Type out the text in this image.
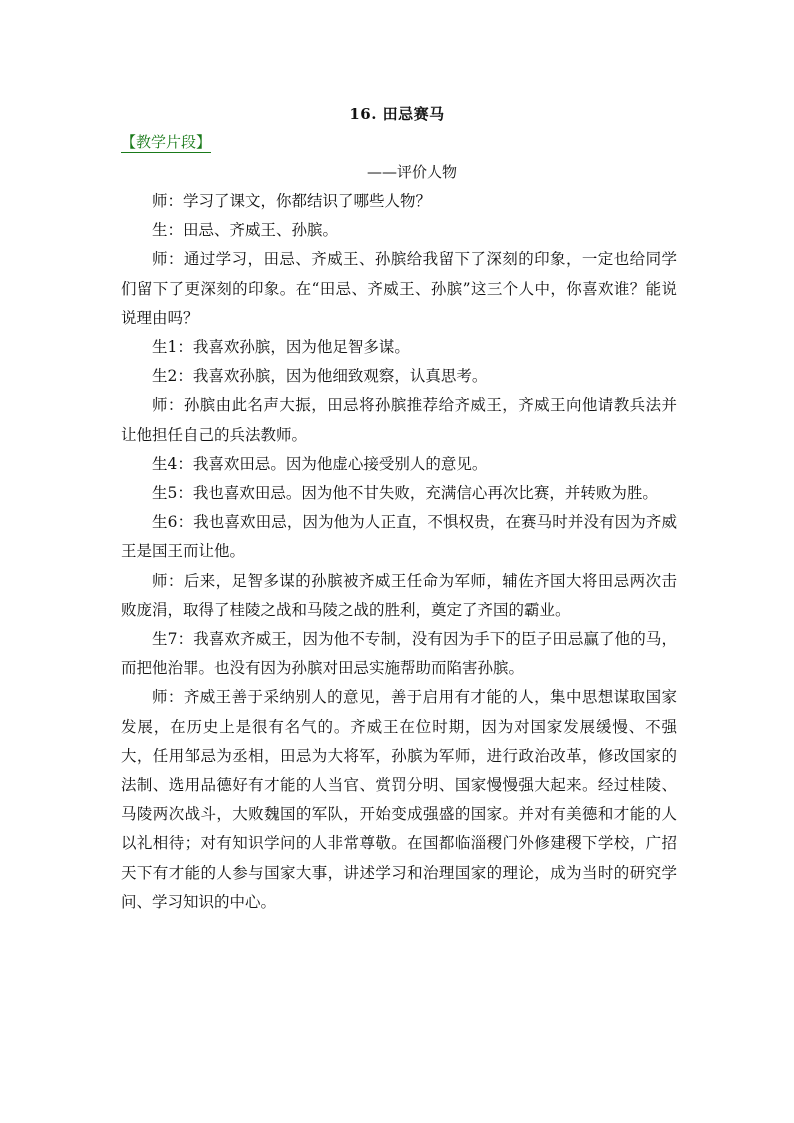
16. 田忌赛马
【教学片段】
——评价人物

师：学习了课文，你都结识了哪些人物？

生：田忌、齐威王、孙膑。

师：通过学习，田忌、齐威王、孙膑给我留下了深刻的印象，一定也给同学们留下了更深刻的印象。在“田忌、齐威王、孙膑”这三个人中，你喜欢谁？能说说理由吗？

生1：我喜欢孙膑，因为他足智多谋。

生2：我喜欢孙膑，因为他细致观察，认真思考。

师：孙膑由此名声大振，田忌将孙膑推荐给齐威王，齐威王向他请教兵法并让他担任自己的兵法教师。

生4：我喜欢田忌。因为他虚心接受别人的意见。

生5：我也喜欢田忌。因为他不甘失败，充满信心再次比赛，并转败为胜。

生6：我也喜欢田忌，因为他为人正直，不惧权贵，在赛马时并没有因为齐威王是国王而让他。

师：后来，足智多谋的孙膑被齐威王任命为军师，辅佐齐国大将田忌两次击败庞涓，取得了桂陵之战和马陵之战的胜利，奠定了齐国的霸业。

生7：我喜欢齐威王，因为他不专制，没有因为手下的臣子田忌赢了他的马，而把他治罪。也没有因为孙膑对田忌实施帮助而陷害孙膑。

师：齐威王善于采纳别人的意见，善于启用有才能的人，集中思想谋取国家发展，在历史上是很有名气的。齐威王在位时期，因为对国家发展缓慢、不强大，任用邹忌为丞相，田忌为大将军，孙膑为军师，进行政治改革，修改国家的法制、选用品德好有才能的人当官、赏罚分明、国家慢慢强大起来。经过桂陵、马陵两次战斗，大败魏国的军队，开始变成强盛的国家。并对有美德和才能的人以礼相待；对有知识学问的人非常尊敬。在国都临淄稷门外修建稷下学校，广招天下有才能的人参与国家大事，讲述学习和治理国家的理论，成为当时的研究学问、学习知识的中心。
